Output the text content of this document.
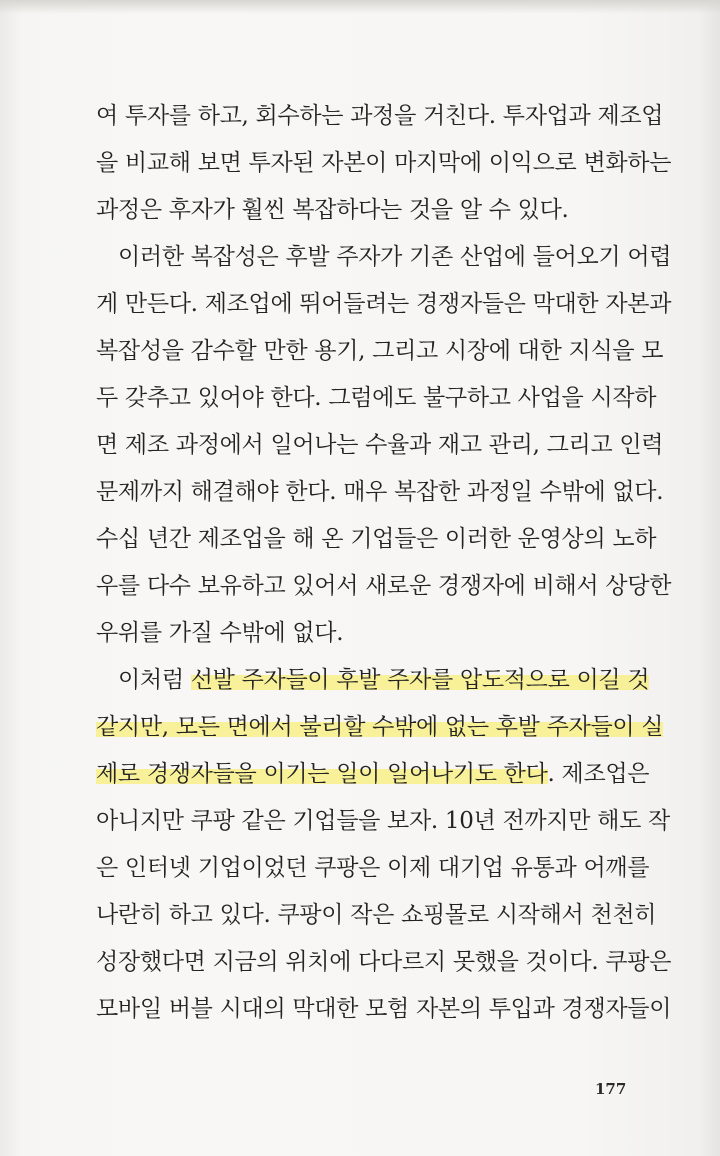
여 투자를 하고, 회수하는 과정을 거친다. 투자업과 제조업
을 비교해 보면 투자된 자본이 마지막에 이익으로 변화하는
과정은 후자가 훨씬 복잡하다는 것을 알 수 있다.
이러한 복잡성은 후발 주자가 기존 산업에 들어오기 어렵
게 만든다. 제조업에 뛰어들려는 경쟁자들은 막대한 자본과
복잡성을 감수할 만한 용기, 그리고 시장에 대한 지식을 모
두 갖추고 있어야 한다. 그럼에도 불구하고 사업을 시작하
면 제조 과정에서 일어나는 수율과 재고 관리, 그리고 인력
문제까지 해결해야 한다. 매우 복잡한 과정일 수밖에 없다.
수십 년간 제조업을 해 온 기업들은 이러한 운영상의 노하
우를 다수 보유하고 있어서 새로운 경쟁자에 비해서 상당한
우위를 가질 수밖에 없다.
이처럼 선발 주자들이 후발 주자를 압도적으로 이길 것
같지만, 모든 면에서 불리할 수밖에 없는 후발 주자들이 실
제로 경쟁자들을 이기는 일이 일어나기도 한다. 제조업은
아니지만 쿠팡 같은 기업들을 보자. 10년 전까지만 해도 작
은 인터넷 기업이었던 쿠팡은 이제 대기업 유통과 어깨를
나란히 하고 있다. 쿠팡이 작은 쇼핑몰로 시작해서 천천히
성장했다면 지금의 위치에 다다르지 못했을 것이다. 쿠팡은
모바일 버블 시대의 막대한 모험 자본의 투입과 경쟁자들이
177
